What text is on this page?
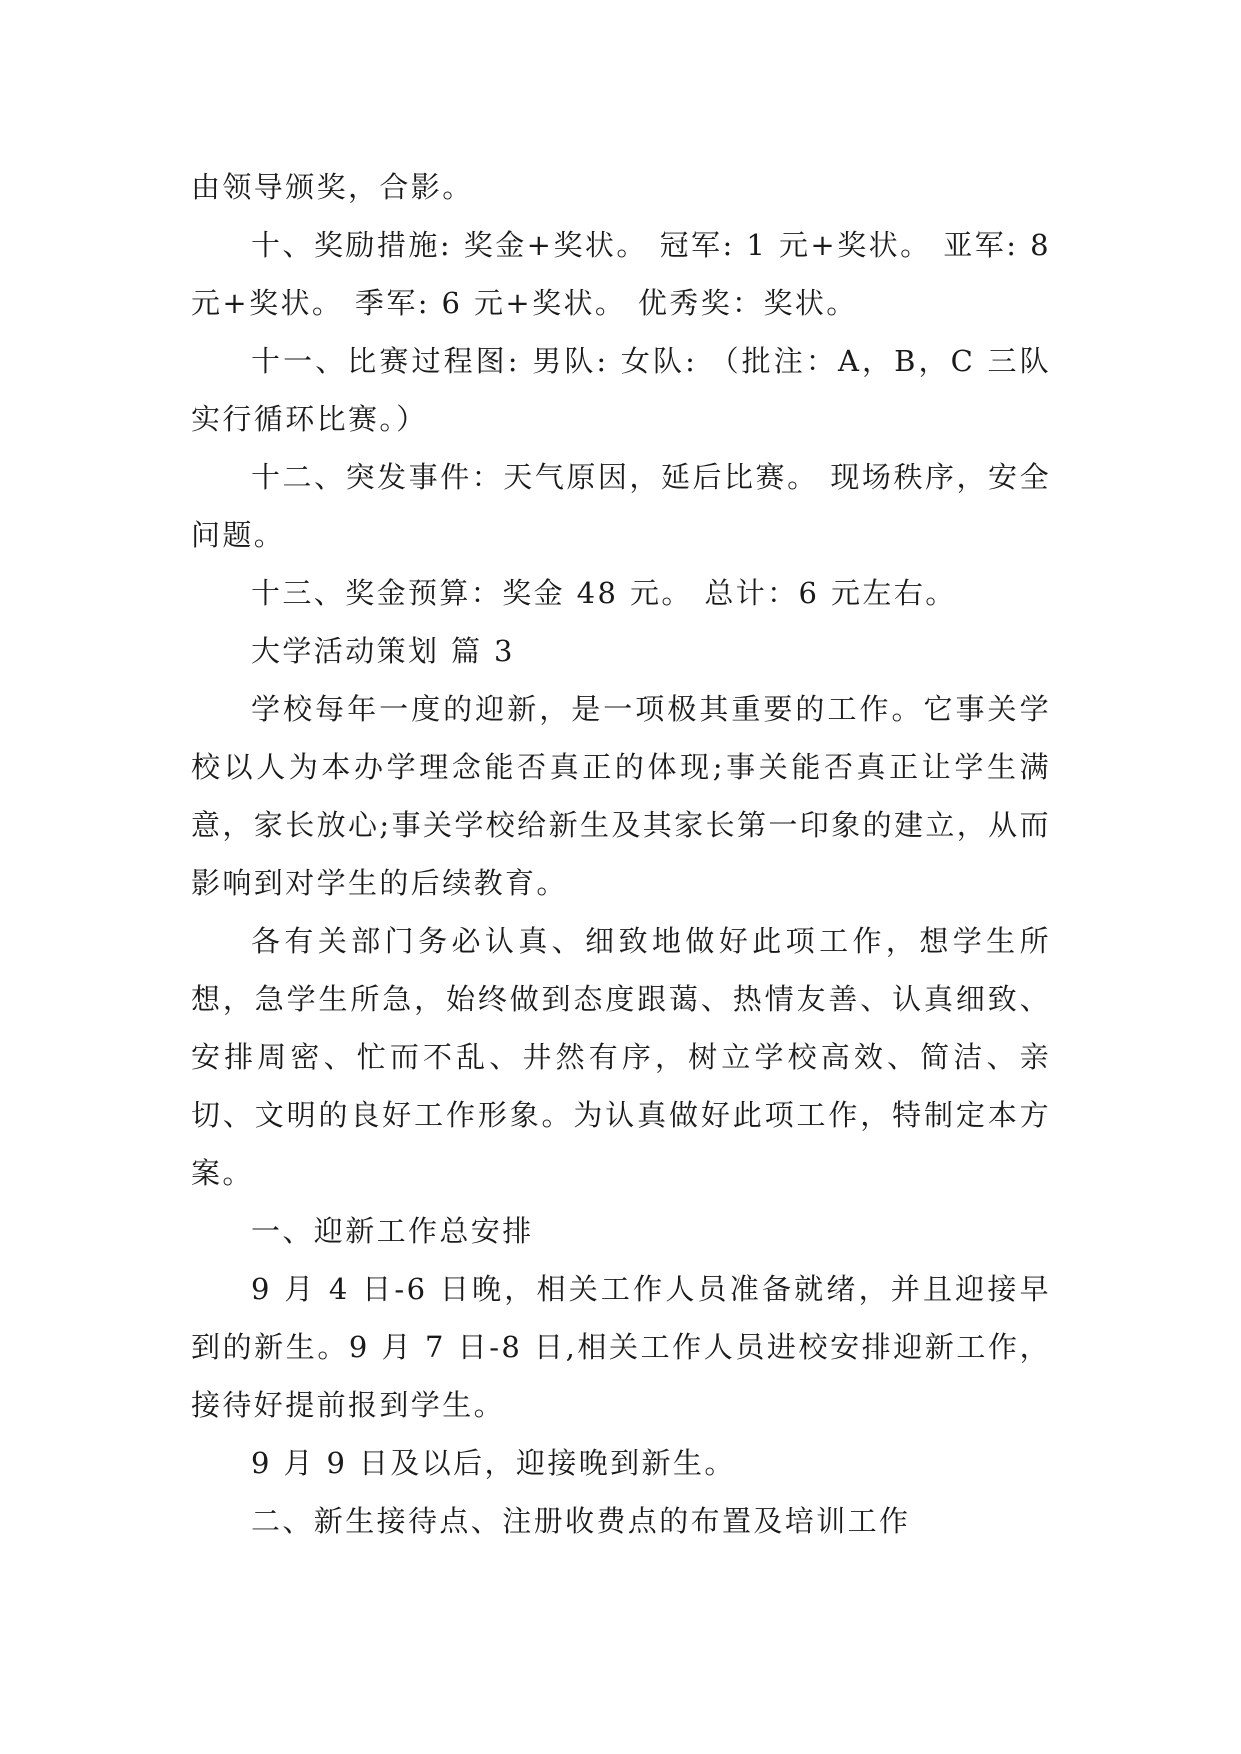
由领导颁奖，合影。

十、奖励措施: 奖金+奖状。 冠军: 1 元+奖状。 亚军: 8 元+奖状。 季军: 6 元+奖状。 优秀奖：奖状。

十一、比赛过程图: 男队: 女队: （批注：A，B，C 三队实行循环比赛。）

十二、突发事件：天气原因，延后比赛。 现场秩序，安全问题。

十三、奖金预算：奖金 48 元。 总计：6 元左右。

大学活动策划 篇 3

学校每年一度的迎新，是一项极其重要的工作。它事关学校以人为本办学理念能否真正的体现;事关能否真正让学生满意，家长放心;事关学校给新生及其家长第一印象的建立，从而影响到对学生的后续教育。

各有关部门务必认真、细致地做好此项工作，想学生所想，急学生所急，始终做到态度跟蔼、热情友善、认真细致、安排周密、忙而不乱、井然有序，树立学校高效、简洁、亲切、文明的良好工作形象。为认真做好此项工作，特制定本方案。

一、迎新工作总安排

9 月 4 日-6 日晚，相关工作人员准备就绪，并且迎接早到的新生。9 月 7 日-8 日,相关工作人员进校安排迎新工作，接待好提前报到学生。

9 月 9 日及以后，迎接晚到新生。

二、新生接待点、注册收费点的布置及培训工作
